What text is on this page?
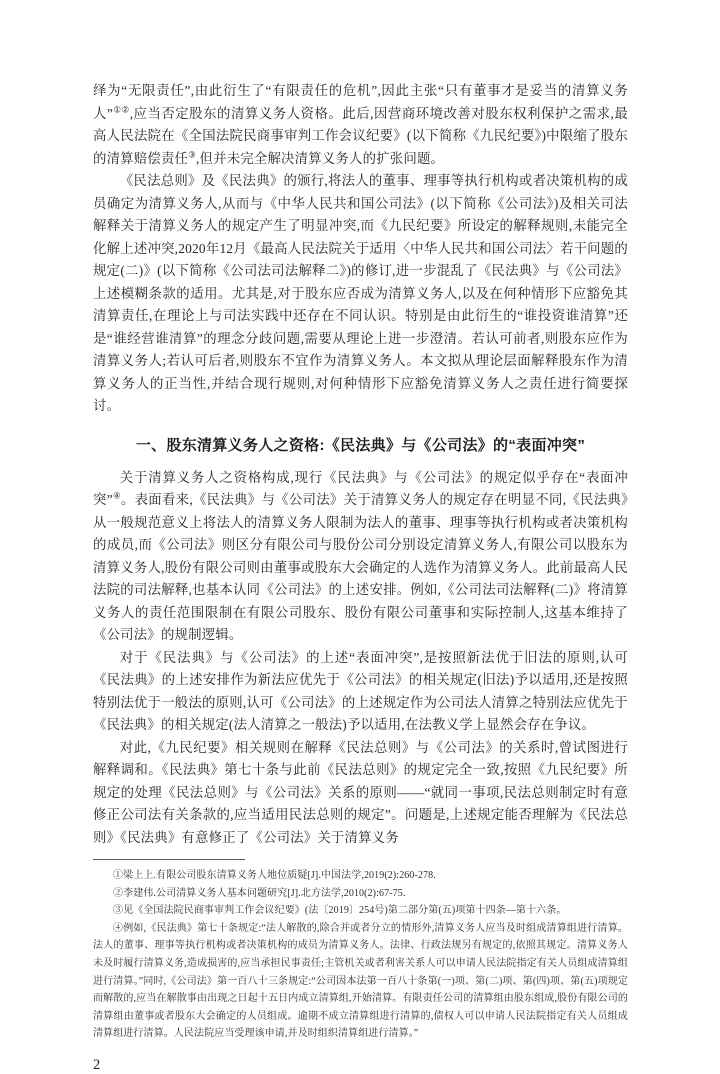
绎为“无限责任”,由此衍生了“有限责任的危机”,因此主张“只有董事才是妥当的清算义务人”①②,应当否定股东的清算义务人资格。此后,因营商环境改善对股东权利保护之需求,最高人民法院在《全国法院民商事审判工作会议纪要》(以下简称《九民纪要》)中限缩了股东的清算赔偿责任③,但并未完全解决清算义务人的扩张问题。

《民法总则》及《民法典》的颁行,将法人的董事、理事等执行机构或者决策机构的成员确定为清算义务人,从而与《中华人民共和国公司法》(以下简称《公司法》)及相关司法解释关于清算义务人的规定产生了明显冲突,而《九民纪要》所设定的解释规则,未能完全化解上述冲突,2020年12月《最高人民法院关于适用〈中华人民共和国公司法〉若干问题的规定(二)》(以下简称《公司法司法解释二》)的修订,进一步混乱了《民法典》与《公司法》上述模糊条款的适用。尤其是,对于股东应否成为清算义务人,以及在何种情形下应豁免其清算责任,在理论上与司法实践中还存在不同认识。特别是由此衍生的“谁投资谁清算”还是“谁经营谁清算”的理念分歧问题,需要从理论上进一步澄清。若认可前者,则股东应作为清算义务人;若认可后者,则股东不宜作为清算义务人。本文拟从理论层面解释股东作为清算义务人的正当性,并结合现行规则,对何种情形下应豁免清算义务人之责任进行简要探讨。

一、股东清算义务人之资格:《民法典》与《公司法》的“表面冲突”

关于清算义务人之资格构成,现行《民法典》与《公司法》的规定似乎存在“表面冲突”④。表面看来,《民法典》与《公司法》关于清算义务人的规定存在明显不同,《民法典》从一般规范意义上将法人的清算义务人限制为法人的董事、理事等执行机构或者决策机构的成员,而《公司法》则区分有限公司与股份公司分别设定清算义务人,有限公司以股东为清算义务人,股份有限公司则由董事或股东大会确定的人选作为清算义务人。此前最高人民法院的司法解释,也基本认同《公司法》的上述安排。例如,《公司法司法解释(二)》将清算义务人的责任范围限制在有限公司股东、股份有限公司董事和实际控制人,这基本维持了《公司法》的规制逻辑。

对于《民法典》与《公司法》的上述“表面冲突”,是按照新法优于旧法的原则,认可《民法典》的上述安排作为新法应优先于《公司法》的相关规定(旧法)予以适用,还是按照特别法优于一般法的原则,认可《公司法》的上述规定作为公司法人清算之特别法应优先于《民法典》的相关规定(法人清算之一般法)予以适用,在法教义学上显然会存在争议。

对此,《九民纪要》相关规则在解释《民法总则》与《公司法》的关系时,曾试图进行解释调和。《民法典》第七十条与此前《民法总则》的规定完全一致,按照《九民纪要》所规定的处理《民法总则》与《公司法》关系的原则——“就同一事项,民法总则制定时有意修正公司法有关条款的,应当适用民法总则的规定”。问题是,上述规定能否理解为《民法总则》《民法典》有意修正了《公司法》关于清算义务

①梁上上.有限公司股东清算义务人地位质疑[J].中国法学,2019(2):260-278.

②李建伟.公司清算义务人基本问题研究[J].北方法学,2010(2):67-75.

③见《全国法院民商事审判工作会议纪要》(法〔2019〕254号)第二部分第(五)项第十四条—第十六条。

④例如,《民法典》第七十条规定:“法人解散的,除合并或者分立的情形外,清算义务人应当及时组成清算组进行清算。法人的董事、理事等执行机构或者决策机构的成员为清算义务人。法律、行政法规另有规定的,依照其规定。清算义务人未及时履行清算义务,造成损害的,应当承担民事责任;主管机关或者利害关系人可以申请人民法院指定有关人员组成清算组进行清算。”同时,《公司法》第一百八十三条规定:“公司因本法第一百八十条第(一)项、第(二)项、第(四)项、第(五)项规定而解散的,应当在解散事由出现之日起十五日内成立清算组,开始清算。有限责任公司的清算组由股东组成,股份有限公司的清算组由董事或者股东大会确定的人员组成。逾期不成立清算组进行清算的,债权人可以申请人民法院指定有关人员组成清算组进行清算。人民法院应当受理该申请,并及时组织清算组进行清算。”

2
